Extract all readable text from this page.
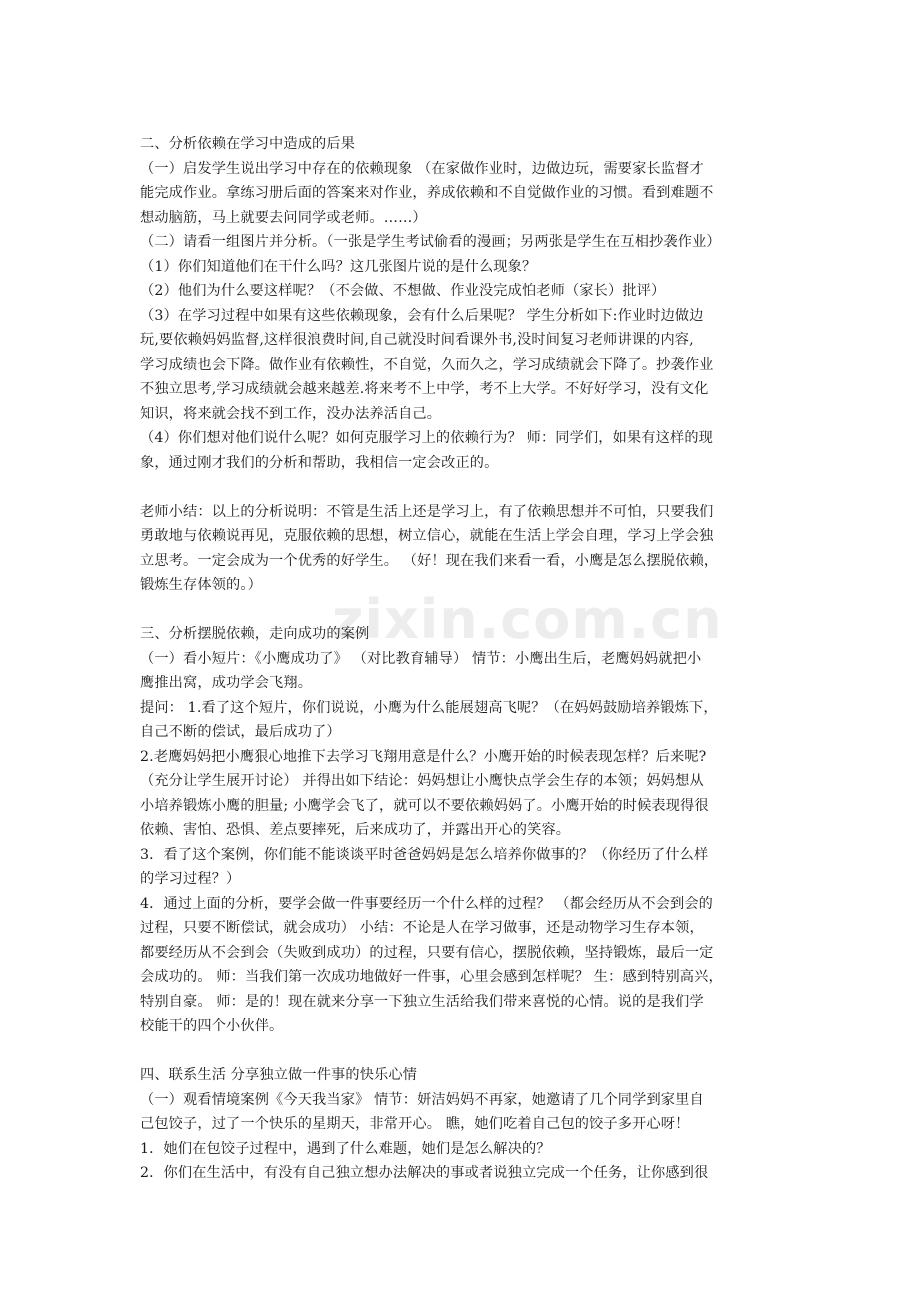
zixin.com.cn
二、分析依赖在学习中造成的后果
（一）启发学生说出学习中存在的依赖现象 （在家做作业时，边做边玩，需要家长监督才
能完成作业。拿练习册后面的答案来对作业，养成依赖和不自觉做作业的习惯。看到难题不
想动脑筋，马上就要去问同学或老师。……）
（二）请看一组图片并分析。（一张是学生考试偷看的漫画；另两张是学生在互相抄袭作业）
（1）你们知道他们在干什么吗？这几张图片说的是什么现象？
（2）他们为什么要这样呢？（不会做、不想做、作业没完成怕老师（家长）批评）
（3）在学习过程中如果有这些依赖现象，会有什么后果呢？ 学生分析如下:作业时边做边
玩,要依赖妈妈监督,这样很浪费时间,自己就没时间看课外书,没时间复习老师讲课的内容,
学习成绩也会下降。做作业有依赖性，不自觉，久而久之，学习成绩就会下降了。抄袭作业
不独立思考,学习成绩就会越来越差.将来考不上中学，考不上大学。不好好学习，没有文化
知识，将来就会找不到工作，没办法养活自己。
（4）你们想对他们说什么呢？如何克服学习上的依赖行为？ 师：同学们，如果有这样的现
象，通过刚才我们的分析和帮助，我相信一定会改正的。
老师小结：以上的分析说明：不管是生活上还是学习上，有了依赖思想并不可怕，只要我们
勇敢地与依赖说再见，克服依赖的思想，树立信心，就能在生活上学会自理，学习上学会独
立思考。一定会成为一个优秀的好学生。 （好！现在我们来看一看，小鹰是怎么摆脱依赖，
锻炼生存体领的。）
三、分析摆脱依赖，走向成功的案例
（一）看小短片：《小鹰成功了》 （对比教育辅导） 情节：小鹰出生后，老鹰妈妈就把小
鹰推出窝，成功学会飞翔。
提问： 1.看了这个短片，你们说说，小鹰为什么能展翅高飞呢？（在妈妈鼓励培养锻炼下，
自己不断的偿试，最后成功了）
2.老鹰妈妈把小鹰狠心地推下去学习飞翔用意是什么？小鹰开始的时候表现怎样？后来呢?
（充分让学生展开讨论） 并得出如下结论：妈妈想让小鹰快点学会生存的本领；妈妈想从
小培养锻炼小鹰的胆量; 小鹰学会飞了，就可以不要依赖妈妈了。小鹰开始的时候表现得很
依赖、害怕、恐惧、差点要摔死，后来成功了，并露出开心的笑容。
3．看了这个案例，你们能不能谈谈平时爸爸妈妈是怎么培养你做事的？（你经历了什么样
的学习过程？）
4．通过上面的分析，要学会做一件事要经历一个什么样的过程？ （都会经历从不会到会的
过程，只要不断偿试，就会成功） 小结：不论是人在学习做事，还是动物学习生存本领，
都要经历从不会到会（失败到成功）的过程，只要有信心，摆脱依赖，坚持锻炼，最后一定
会成功的。 师：当我们第一次成功地做好一件事，心里会感到怎样呢？ 生：感到特别高兴，
特别自豪。 师：是的！现在就来分享一下独立生活给我们带来喜悦的心情。说的是我们学
校能干的四个小伙伴。
四、联系生活 分享独立做一件事的快乐心情
（一）观看情境案例《今天我当家》 情节：妍洁妈妈不再家，她邀请了几个同学到家里自
己包饺子，过了一个快乐的星期天，非常开心。 瞧，她们吃着自己包的饺子多开心呀！
1．她们在包饺子过程中，遇到了什么难题，她们是怎么解决的？
2．你们在生活中，有没有自己独立想办法解决的事或者说独立完成一个任务，让你感到很
